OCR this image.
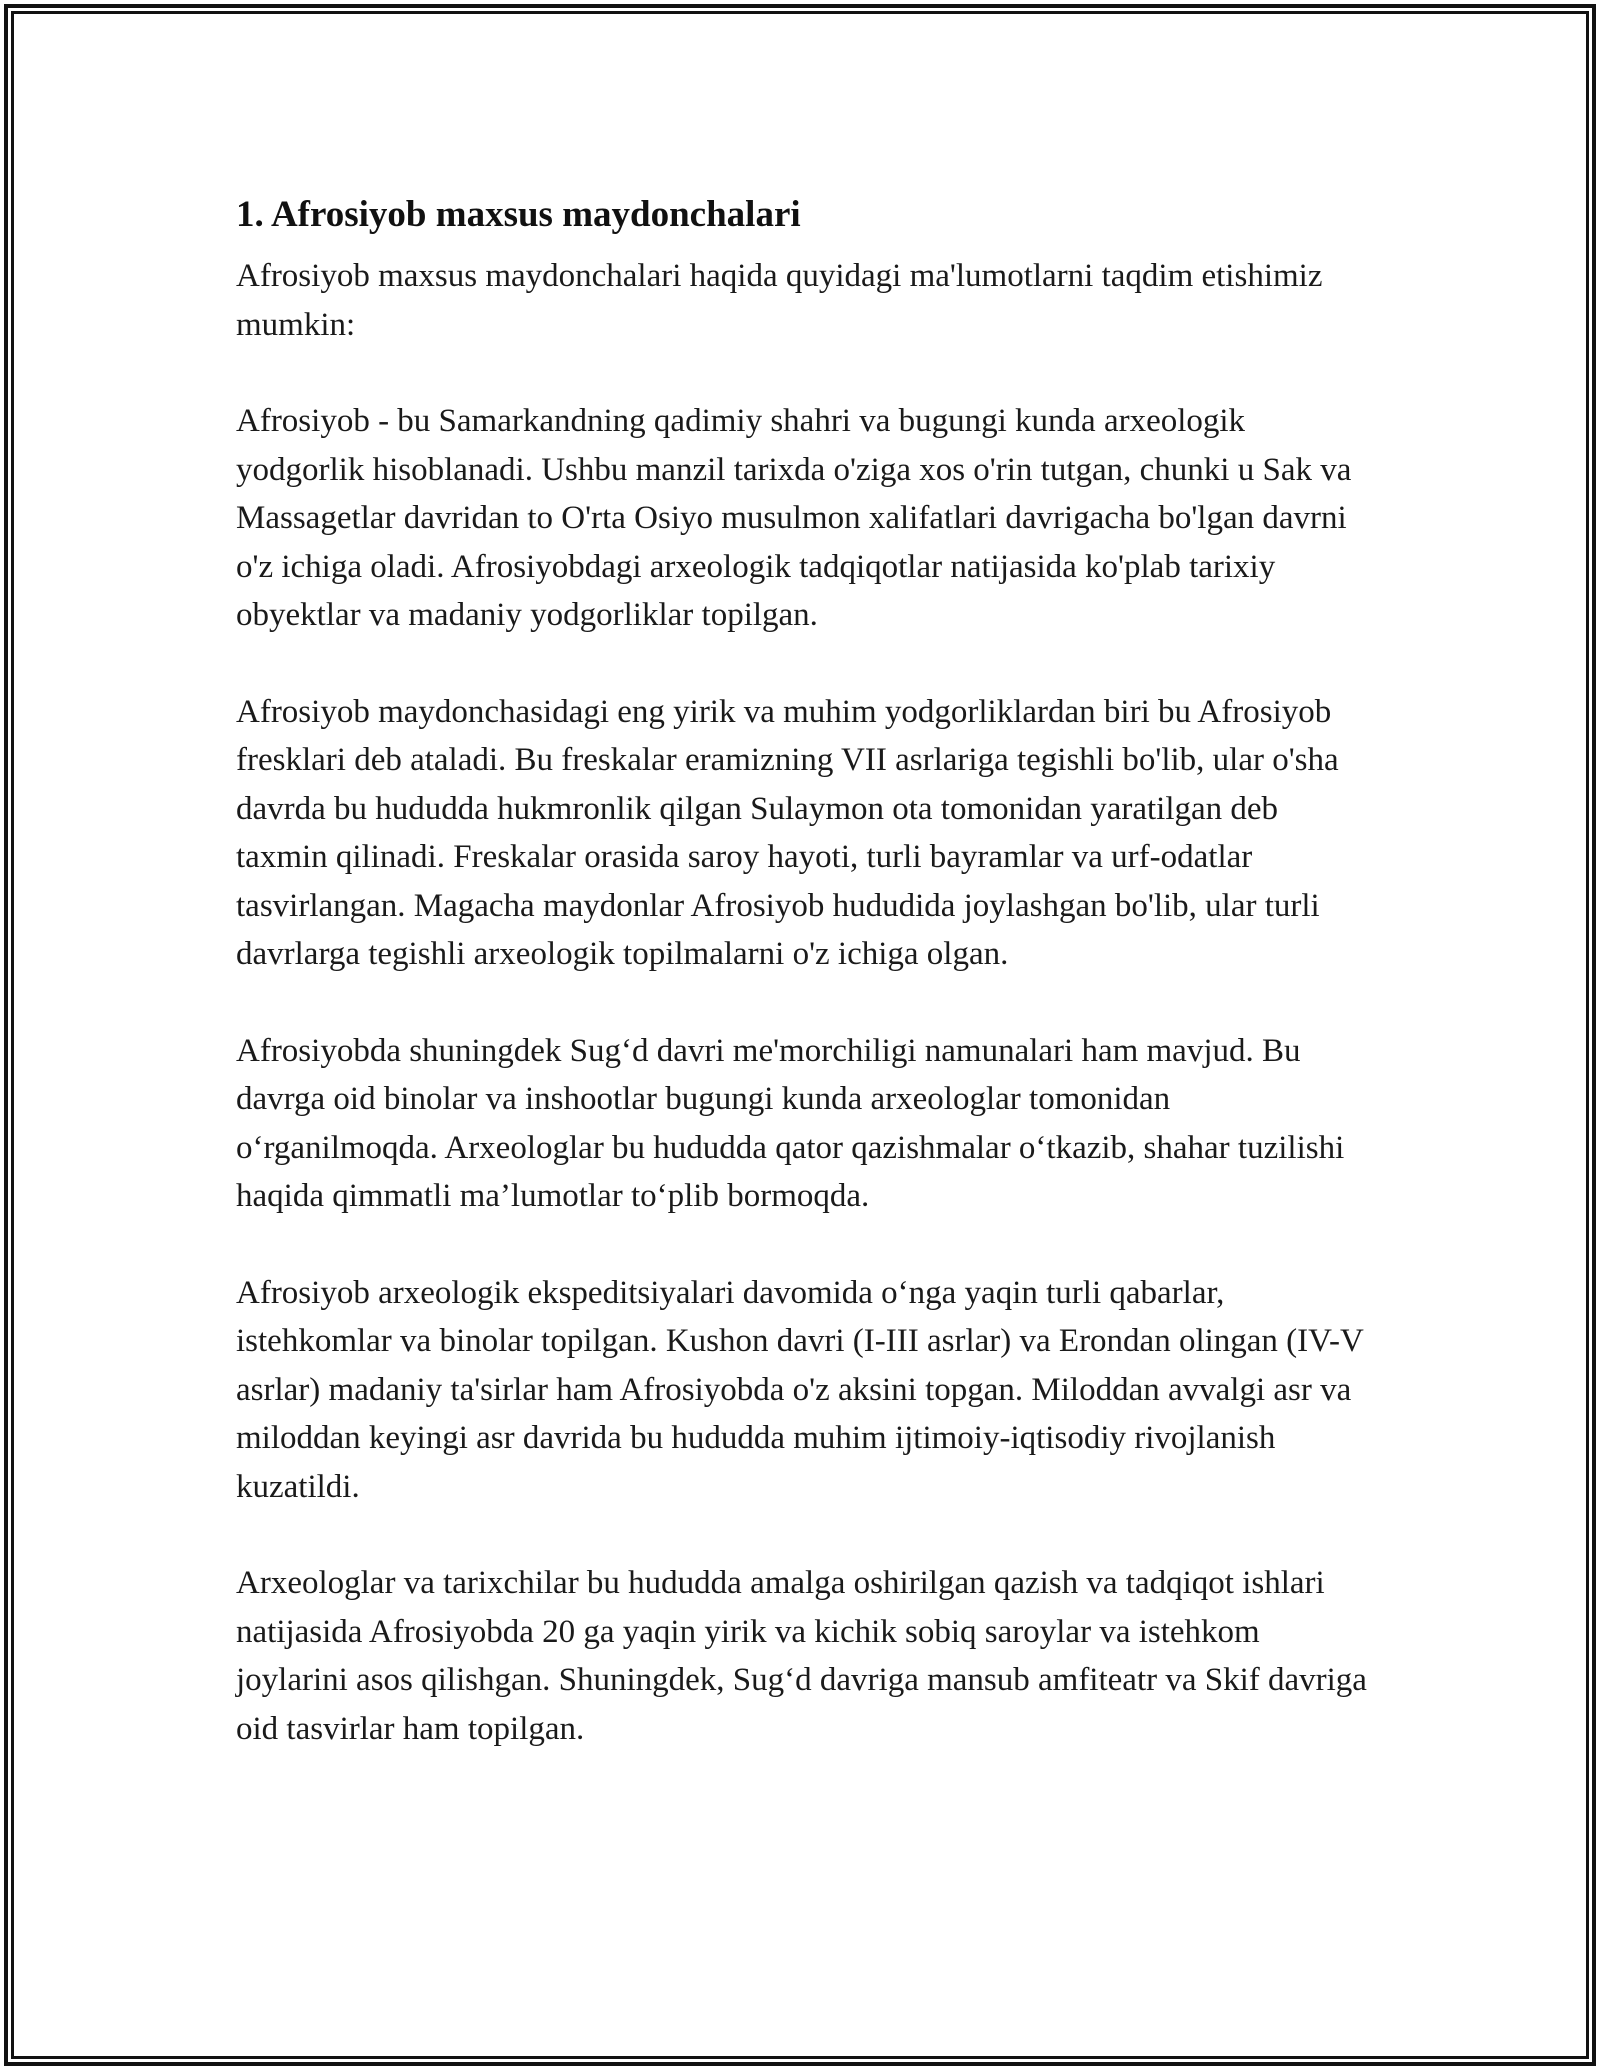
1. Afrosiyob maxsus maydonchalari

Afrosiyob maxsus maydonchalari haqida quyidagi ma'lumotlarni taqdim etishimiz mumkin:

Afrosiyob - bu Samarkandning qadimiy shahri va bugungi kunda arxeologik yodgorlik hisoblanadi. Ushbu manzil tarixda o'ziga xos o'rin tutgan, chunki u Sak va Massagetlar davridan to O'rta Osiyo musulmon xalifatlari davrigacha bo'lgan davrni o'z ichiga oladi. Afrosiyobdagi arxeologik tadqiqotlar natijasida ko'plab tarixiy obyektlar va madaniy yodgorliklar topilgan.

Afrosiyob maydonchasidagi eng yirik va muhim yodgorliklardan biri bu Afrosiyob fresklari deb ataladi. Bu freskalar eramizning VII asrlariga tegishli bo'lib, ular o'sha davrda bu hududda hukmronlik qilgan Sulaymon ota tomonidan yaratilgan deb taxmin qilinadi. Freskalar orasida saroy hayoti, turli bayramlar va urf-odatlar tasvirlangan. Magacha maydonlar Afrosiyob hududida joylashgan bo'lib, ular turli davrlarga tegishli arxeologik topilmalarni o'z ichiga olgan.

Afrosiyobda shuningdek Sug‘d davri me'morchiligi namunalari ham mavjud. Bu davrga oid binolar va inshootlar bugungi kunda arxeologlar tomonidan o‘rganilmoqda. Arxeologlar bu hududda qator qazishmalar o‘tkazib, shahar tuzilishi haqida qimmatli ma’lumotlar to‘plib bormoqda.

Afrosiyob arxeologik ekspeditsiyalari davomida o‘nga yaqin turli qabarlar, istehkomlar va binolar topilgan. Kushon davri (I-III asrlar) va Erondan olingan (IV-V asrlar) madaniy ta'sirlar ham Afrosiyobda o'z aksini topgan. Miloddan avvalgi asr va miloddan keyingi asr davrida bu hududda muhim ijtimoiy-iqtisodiy rivojlanish kuzatildi.

Arxeologlar va tarixchilar bu hududda amalga oshirilgan qazish va tadqiqot ishlari natijasida Afrosiyobda 20 ga yaqin yirik va kichik sobiq saroylar va istehkom joylarini asos qilishgan. Shuningdek, Sug‘d davriga mansub amfiteatr va Skif davriga oid tasvirlar ham topilgan.
